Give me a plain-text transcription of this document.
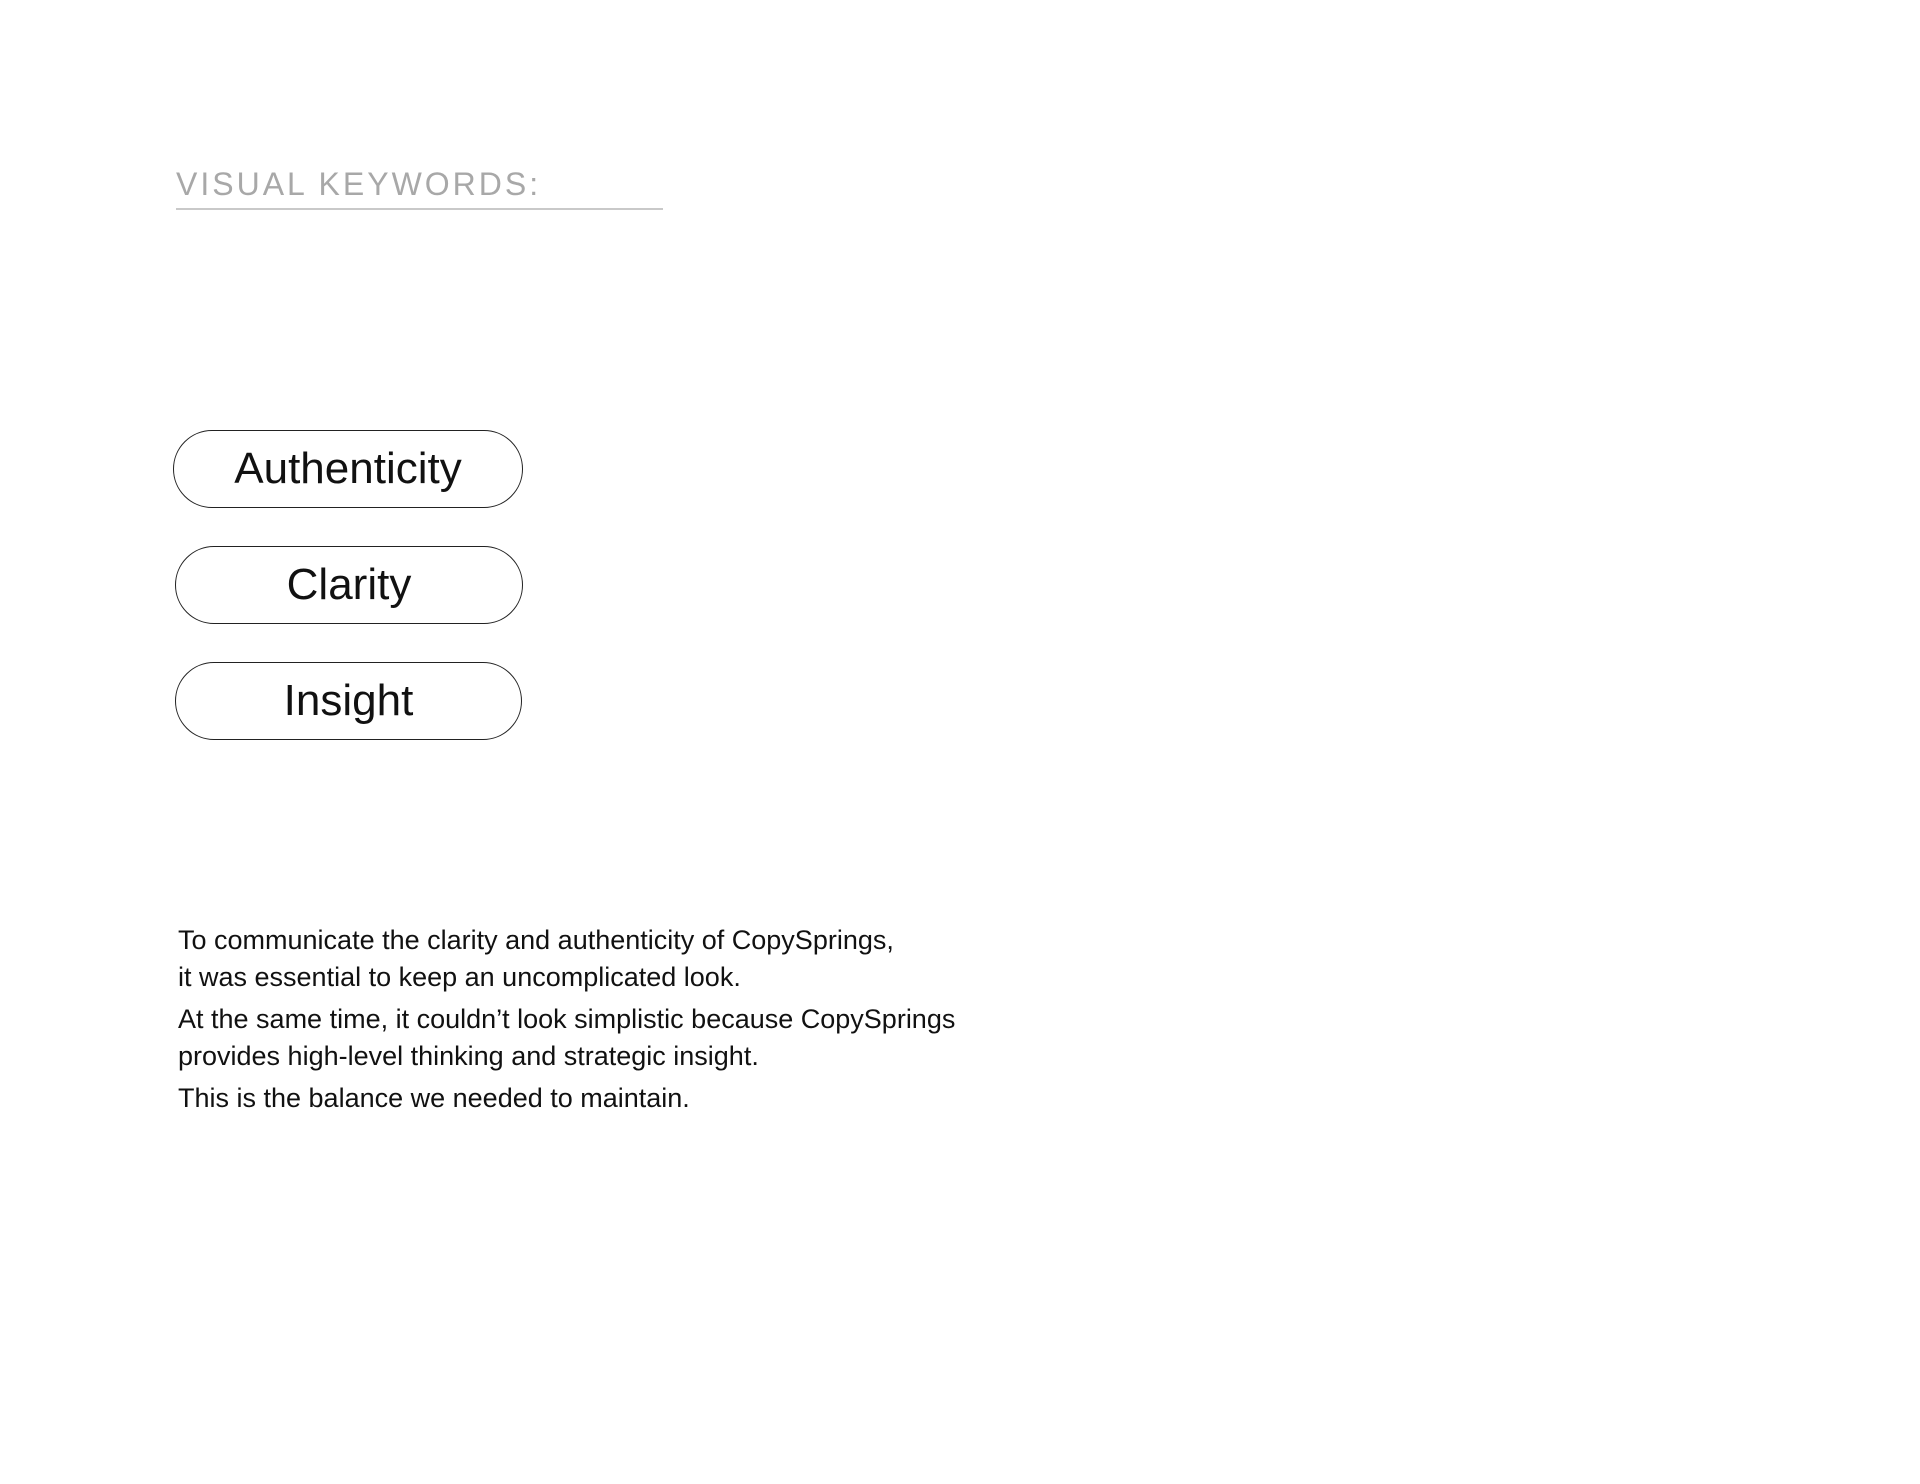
VISUAL KEYWORDS:
Authenticity
Clarity
Insight

To communicate the clarity and authenticity of CopySprings,
it was essential to keep an uncomplicated look.

At the same time, it couldn’t look simplistic because CopySprings
provides high-level thinking and strategic insight.

This is the balance we needed to maintain.
